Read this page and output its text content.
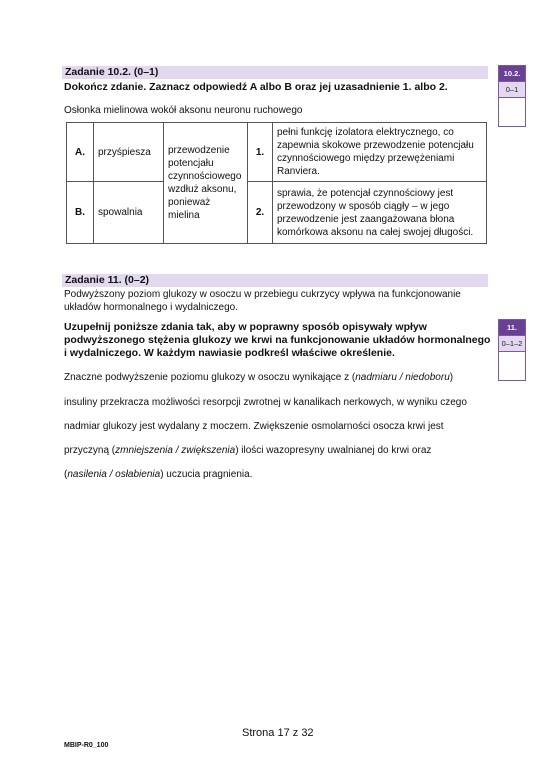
Zadanie 10.2. (0–1)
Dokończ zdanie. Zaznacz odpowiedź A albo B oraz jej uzasadnienie 1. albo 2.
Osłonka mielinowa wokół aksonu neuronu ruchowego
A.	przyśpiesza	przewodzenie potencjału czynnościowego wzdłuż aksonu, ponieważ mielina	1.	pełni funkcję izolatora elektrycznego, co zapewnia skokowe przewodzenie potencjału czynnościowego między przewężeniami Ranviera.
B.	spowalnia		2.	sprawia, że potencjał czynnościowy jest przewodzony w sposób ciągły – w jego przewodzenie jest zaangażowana błona komórkowa aksonu na całej swojej długości.
10.2.
0–1
Zadanie 11. (0–2)
Podwyższony poziom glukozy w osoczu w przebiegu cukrzycy wpływa na funkcjonowanie
układów hormonalnego i wydalniczego.
Uzupełnij poniższe zdania tak, aby w poprawny sposób opisywały wpływ
podwyższonego stężenia glukozy we krwi na funkcjonowanie układów hormonalnego
i wydalniczego. W każdym nawiasie podkreśl właściwe określenie.
Znaczne podwyższenie poziomu glukozy w osoczu wynikające z (nadmiaru / niedoboru)
insuliny przekracza możliwości resorpcji zwrotnej w kanalikach nerkowych, w wyniku czego
nadmiar glukozy jest wydalany z moczem. Zwiększenie osmolarności osocza krwi jest
przyczyną (zmniejszenia / zwiększenia) ilości wazopresyny uwalnianej do krwi oraz
(nasilenia / osłabienia) uczucia pragnienia.
11.
0–1–2
Strona 17 z 32
MBIP-R0_100
